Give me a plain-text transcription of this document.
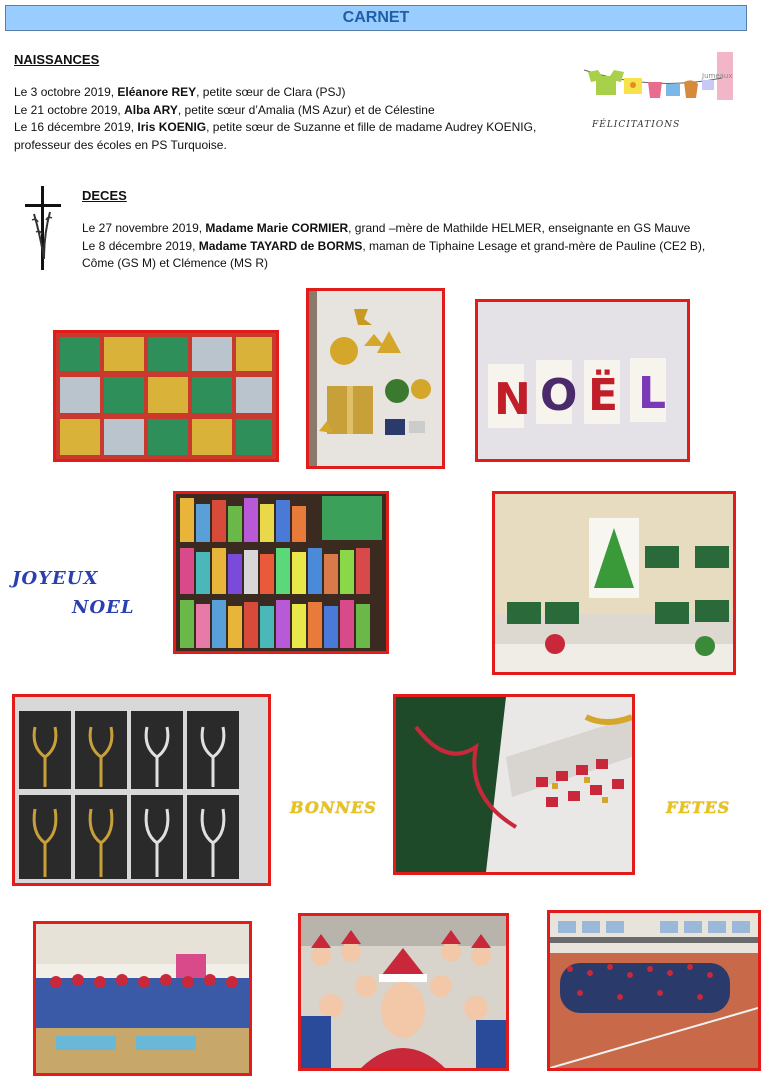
CARNET
NAISSANCES

Le 3 octobre 2019, Eléanore REY, petite sœur de Clara (PSJ)

Le 21 octobre 2019, Alba ARY, petite sœur d’Amalia (MS Azur) et de Célestine

Le 16 décembre 2019, Iris KOENIG, petite sœur de Suzanne et fille de madame Audrey KOENIG,

professeur des écoles en PS Turquoise.

Jumeaux
FÉLICITATIONS
DECES

Le 27 novembre 2019, Madame Marie CORMIER, grand –mère de Mathilde HELMER, enseignante en GS Mauve

Le 8 décembre 2019, Madame TAYARD de BORMS, maman de Tiphaine Lesage et grand-mère de Pauline (CE2 B),

Côme (GS M) et Clémence (MS R)

N O Ë L
JOYEUX
NOEL
BONNES	FETES
